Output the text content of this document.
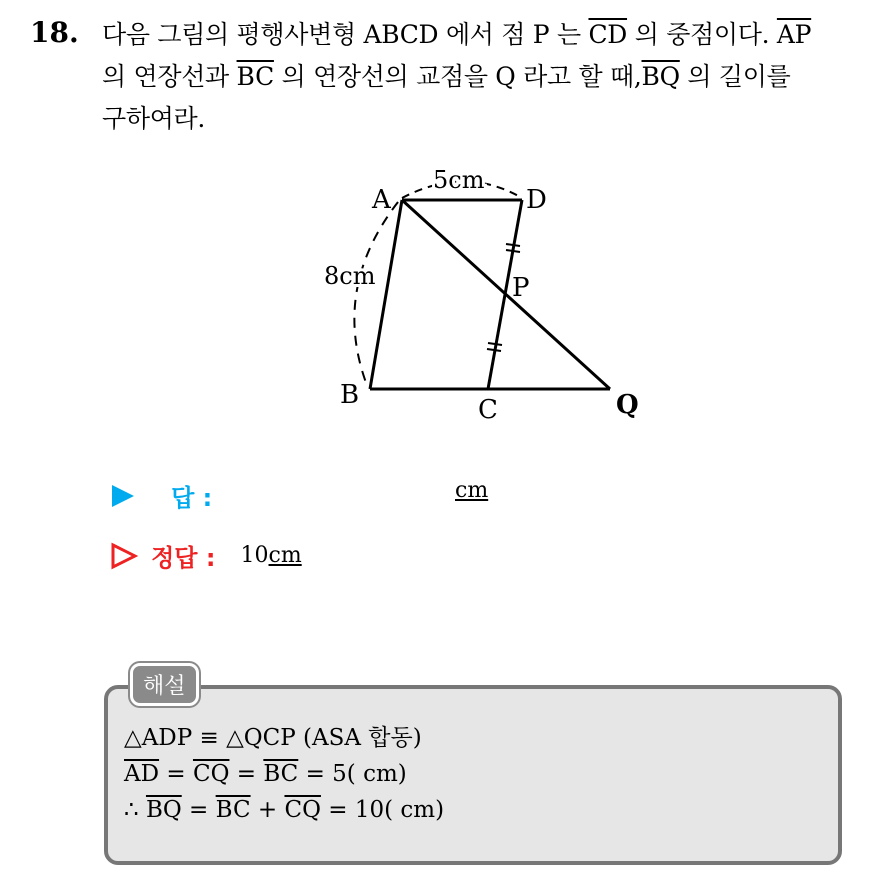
18. 다음 그림의 평행사변형 ABCD 에서 점 P 는 $\overline{CD}$ 의 중점이다. $\overline{AP}$
의 연장선과 $\overline{BC}$ 의 연장선의 교점을 Q 라고 할 때$,\overline{BQ}$ 의 길이를
구하여라.
A	D
B	C
P
Q
5cm
8cm
답 :	cm
정답 : 10cm
해설
△ADP ≡ △QCP (ASA 합동)
$\overline{AD} = \overline{CQ} = \overline{BC} = 5$( cm)
∴ $\overline{BQ} = \overline{BC} + \overline{CQ} = 10$( cm)
